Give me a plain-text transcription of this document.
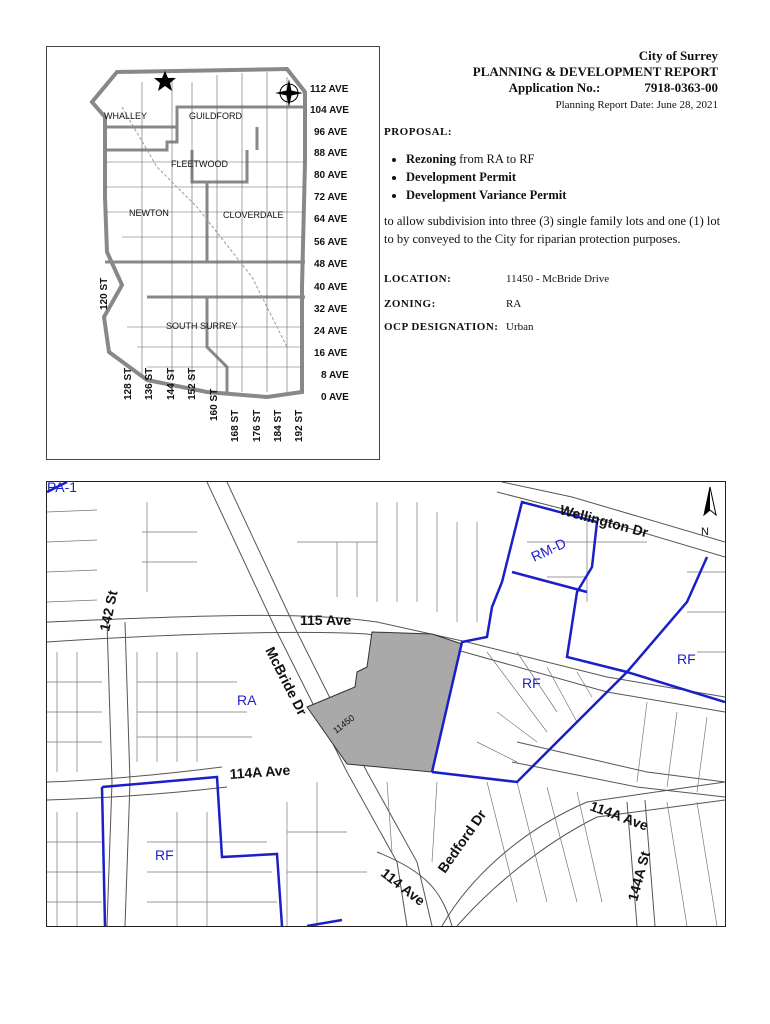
WHALLEY	GUILDFORD
FLEETWOOD
NEWTON	CLOVERDALE
SOUTH SURREY
112 AVE
104 AVE
96 AVE
88 AVE
80 AVE
72 AVE
64 AVE
56 AVE
48 AVE
40 AVE
32 AVE
24 AVE
16 AVE
8 AVE
0 AVE
120 ST
128 ST 136 ST 144 ST 152 ST
160 ST
168 ST 176 ST 184 ST 192 ST
City of Surrey
PLANNING & DEVELOPMENT REPORT
Application No.:	7918-0363-00
Planning Report Date: June 28, 2021
PROPOSAL:
• Rezoning from RA to RF
• Development Permit
• Development Variance Permit

to allow subdivision into three (3) single family lots and one (1) lot to by conveyed to the City for riparian protection purposes.

LOCATION:	11450 - McBride Drive
ZONING:	RA
OCP DESIGNATION: Urban
N
Wellington Dr
115 Ave
142 St
McBride Dr
114A Ave
114A Ave
144A St
Bedford Dr
114 Ave
PA-1
RM-D
RF
RF
RA
RF
11450
